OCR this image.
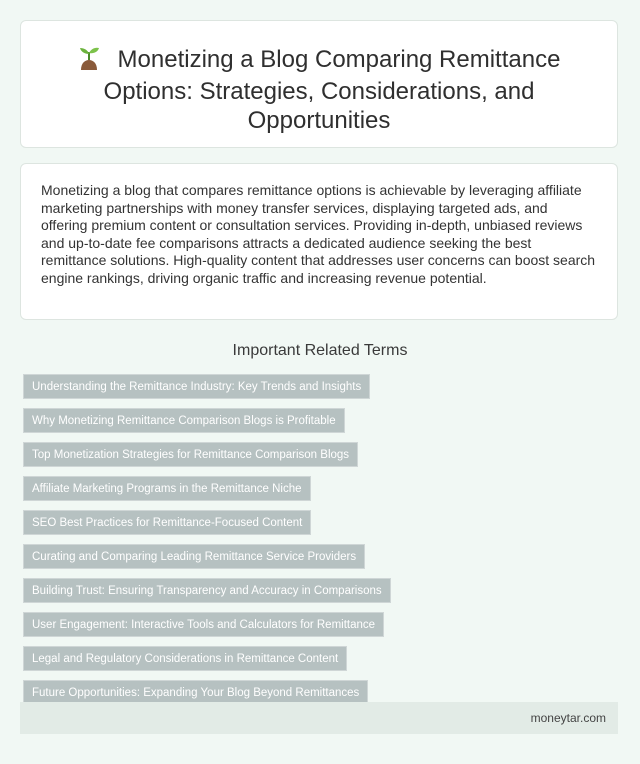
Monetizing a Blog Comparing Remittance Options: Strategies, Considerations, and Opportunities

Monetizing a blog that compares remittance options is achievable by leveraging affiliate marketing partnerships with money transfer services, displaying targeted ads, and offering premium content or consultation services. Providing in-depth, unbiased reviews and up-to-date fee comparisons attracts a dedicated audience seeking the best remittance solutions. High-quality content that addresses user concerns can boost search engine rankings, driving organic traffic and increasing revenue potential.

Important Related Terms
Understanding the Remittance Industry: Key Trends and Insights
Why Monetizing Remittance Comparison Blogs is Profitable
Top Monetization Strategies for Remittance Comparison Blogs
Affiliate Marketing Programs in the Remittance Niche
SEO Best Practices for Remittance-Focused Content
Curating and Comparing Leading Remittance Service Providers
Building Trust: Ensuring Transparency and Accuracy in Comparisons
User Engagement: Interactive Tools and Calculators for Remittance
Legal and Regulatory Considerations in Remittance Content
Future Opportunities: Expanding Your Blog Beyond Remittances
moneytar.com
